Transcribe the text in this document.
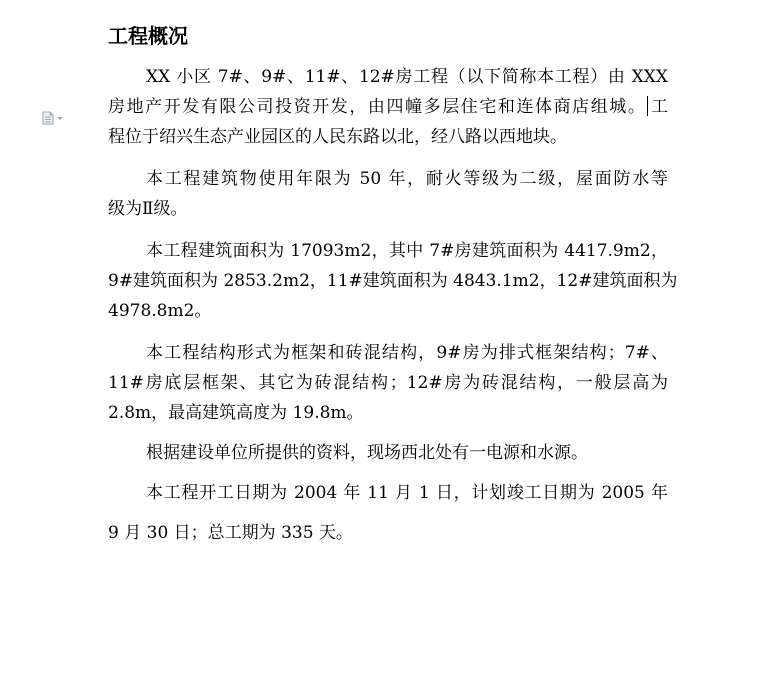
工程概况
XX 小区 7#、9#、11#、12#房工程（以下简称本工程）由 XXX
房地产开发有限公司投资开发，由四幢多层住宅和连体商店组城。 工
程位于绍兴生态产业园区的人民东路以北，经八路以西地块。
本工程建筑物使用年限为 50 年，耐火等级为二级，屋面防水等
级为Ⅱ级。
本工程建筑面积为 17093m2，其中 7#房建筑面积为 4417.9m2，
9#建筑面积为 2853.2m2，11#建筑面积为 4843.1m2，12#建筑面积为
4978.8m2。
本工程结构形式为框架和砖混结构，9#房为排式框架结构；7#、
11#房底层框架、其它为砖混结构；12#房为砖混结构，一般层高为
2.8m，最高建筑高度为 19.8m。
根据建设单位所提供的资料，现场西北处有一电源和水源。
本工程开工日期为 2004 年 11 月 1 日，计划竣工日期为 2005 年
9 月 30 日；总工期为 335 天。
